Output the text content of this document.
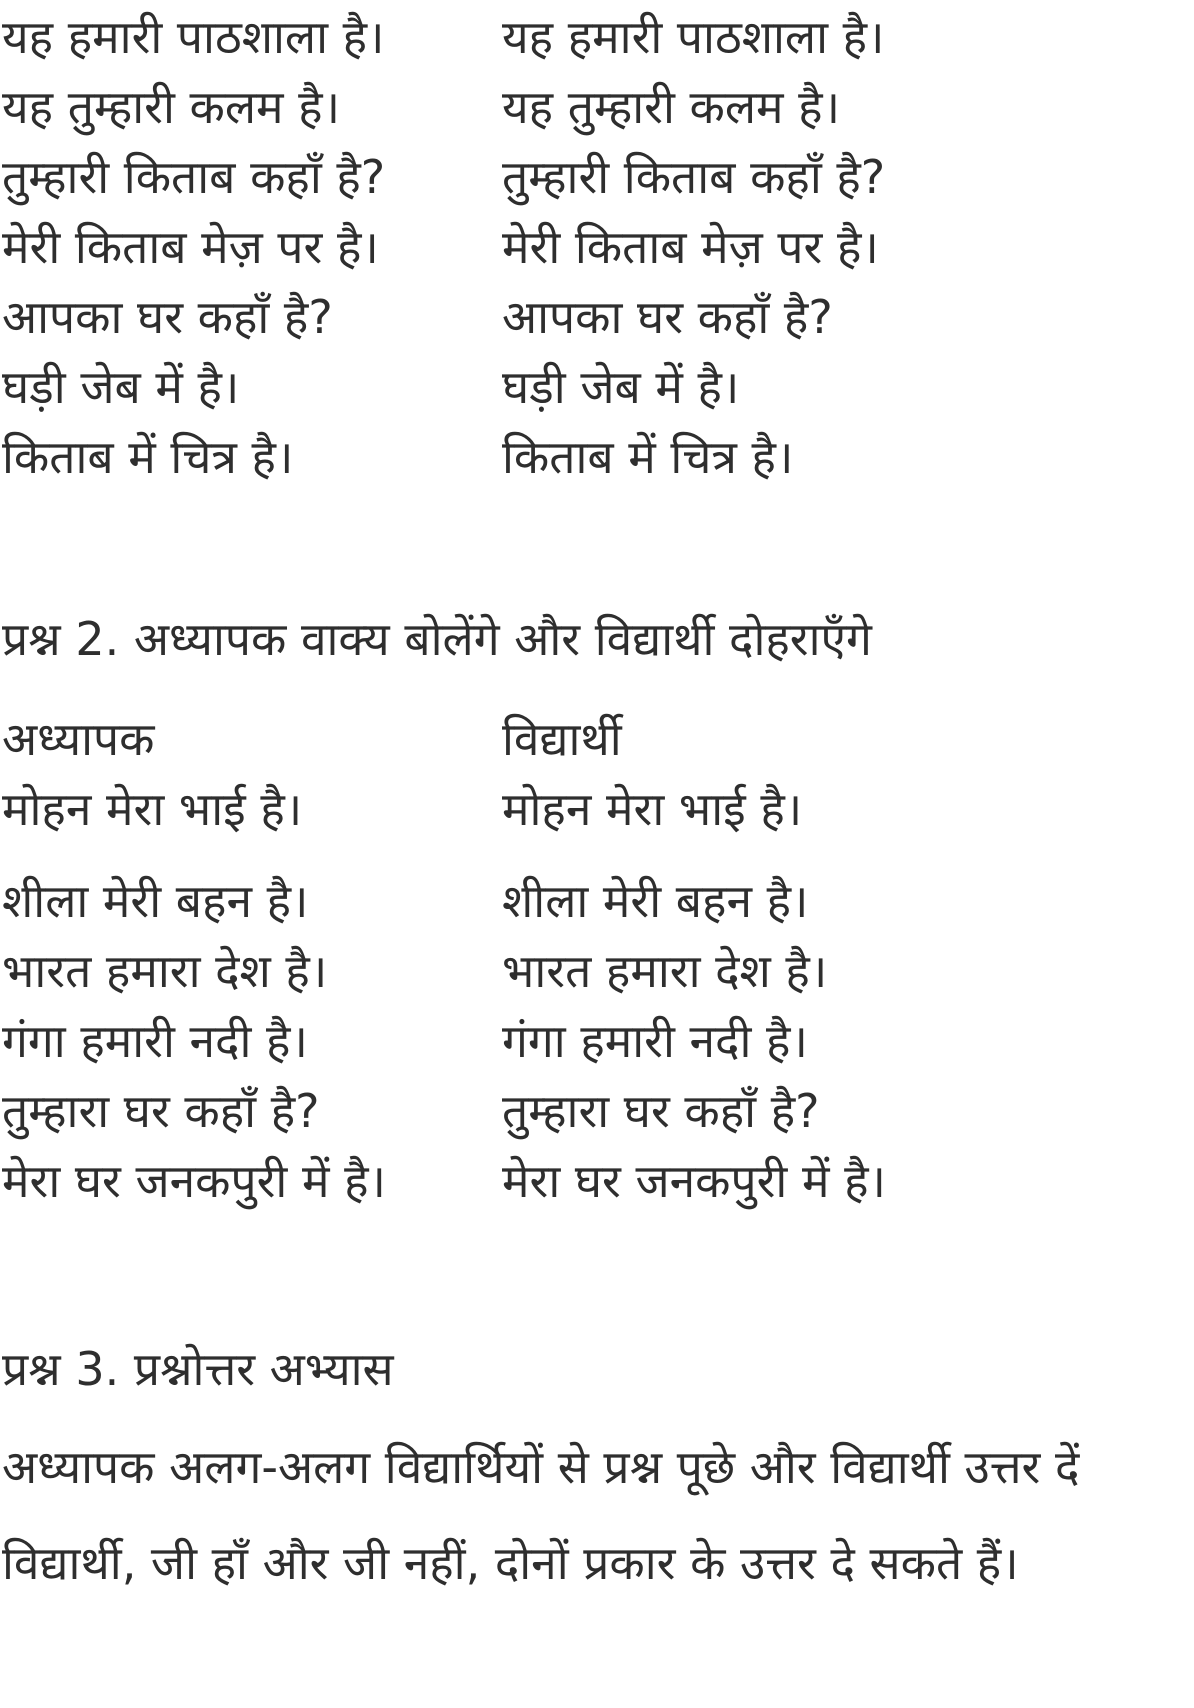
यह हमारी पाठशाला है।	यह हमारी पाठशाला है।
यह तुम्हारी कलम है।	यह तुम्हारी कलम है।
तुम्हारी किताब कहाँ है?	तुम्हारी किताब कहाँ है?
मेरी किताब मेज़ पर है।	मेरी किताब मेज़ पर है।
आपका घर कहाँ है?	आपका घर कहाँ है?
घड़ी जेब में है।	घड़ी जेब में है।
किताब में चित्र है।	किताब में चित्र है।
प्रश्न 2. अध्यापक वाक्य बोलेंगे और विद्यार्थी दोहराएँगे
अध्यापक	विद्यार्थी
मोहन मेरा भाई है।	मोहन मेरा भाई है।
शीला मेरी बहन है।	शीला मेरी बहन है।
भारत हमारा देश है।	भारत हमारा देश है।
गंगा हमारी नदी है।	गंगा हमारी नदी है।
तुम्हारा घर कहाँ है?	तुम्हारा घर कहाँ है?
मेरा घर जनकपुरी में है।	मेरा घर जनकपुरी में है।
प्रश्न 3. प्रश्नोत्तर अभ्यास
अध्यापक अलग-अलग विद्यार्थियों से प्रश्न पूछे और विद्यार्थी उत्तर दें
विद्यार्थी, जी हाँ और जी नहीं, दोनों प्रकार के उत्तर दे सकते हैं।
